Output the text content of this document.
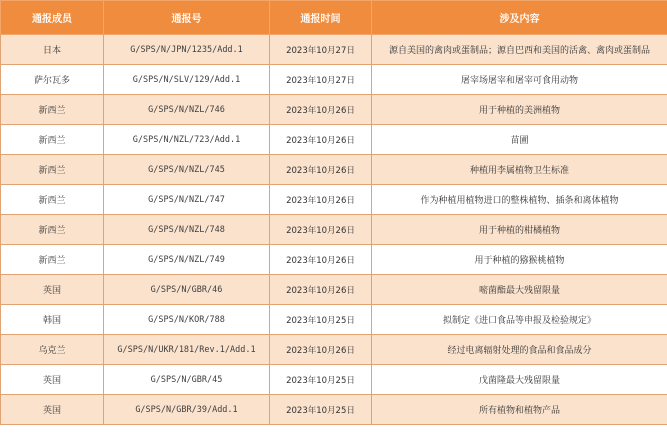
通报成员	通报号	通报时间	涉及内容
日本	G/SPS/N/JPN/1235/Add.1	2023年10月27日	源自美国的禽肉或蛋制品；源自巴西和美国的活禽、禽肉或蛋制品
萨尔瓦多	G/SPS/N/SLV/129/Add.1	2023年10月27日	屠宰场屠宰和屠宰可食用动物
新西兰	G/SPS/N/NZL/746	2023年10月26日	用于种植的美洲植物
新西兰	G/SPS/N/NZL/723/Add.1	2023年10月26日	苗圃
新西兰	G/SPS/N/NZL/745	2023年10月26日	种植用李属植物卫生标准
新西兰	G/SPS/N/NZL/747	2023年10月26日	作为种植用植物进口的整株植物、插条和离体植物
新西兰	G/SPS/N/NZL/748	2023年10月26日	用于种植的柑橘植物
新西兰	G/SPS/N/NZL/749	2023年10月26日	用于种植的猕猴桃植物
英国	G/SPS/N/GBR/46	2023年10月26日	嘧菌酯最大残留限量
韩国	G/SPS/N/KOR/788	2023年10月25日	拟制定《进口食品等申报及检验规定》
乌克兰	G/SPS/N/UKR/181/Rev.1/Add.1	2023年10月26日	经过电离辐射处理的食品和食品成分
英国	G/SPS/N/GBR/45	2023年10月25日	戊菌隆最大残留限量
英国	G/SPS/N/GBR/39/Add.1	2023年10月25日	所有植物和植物产品
